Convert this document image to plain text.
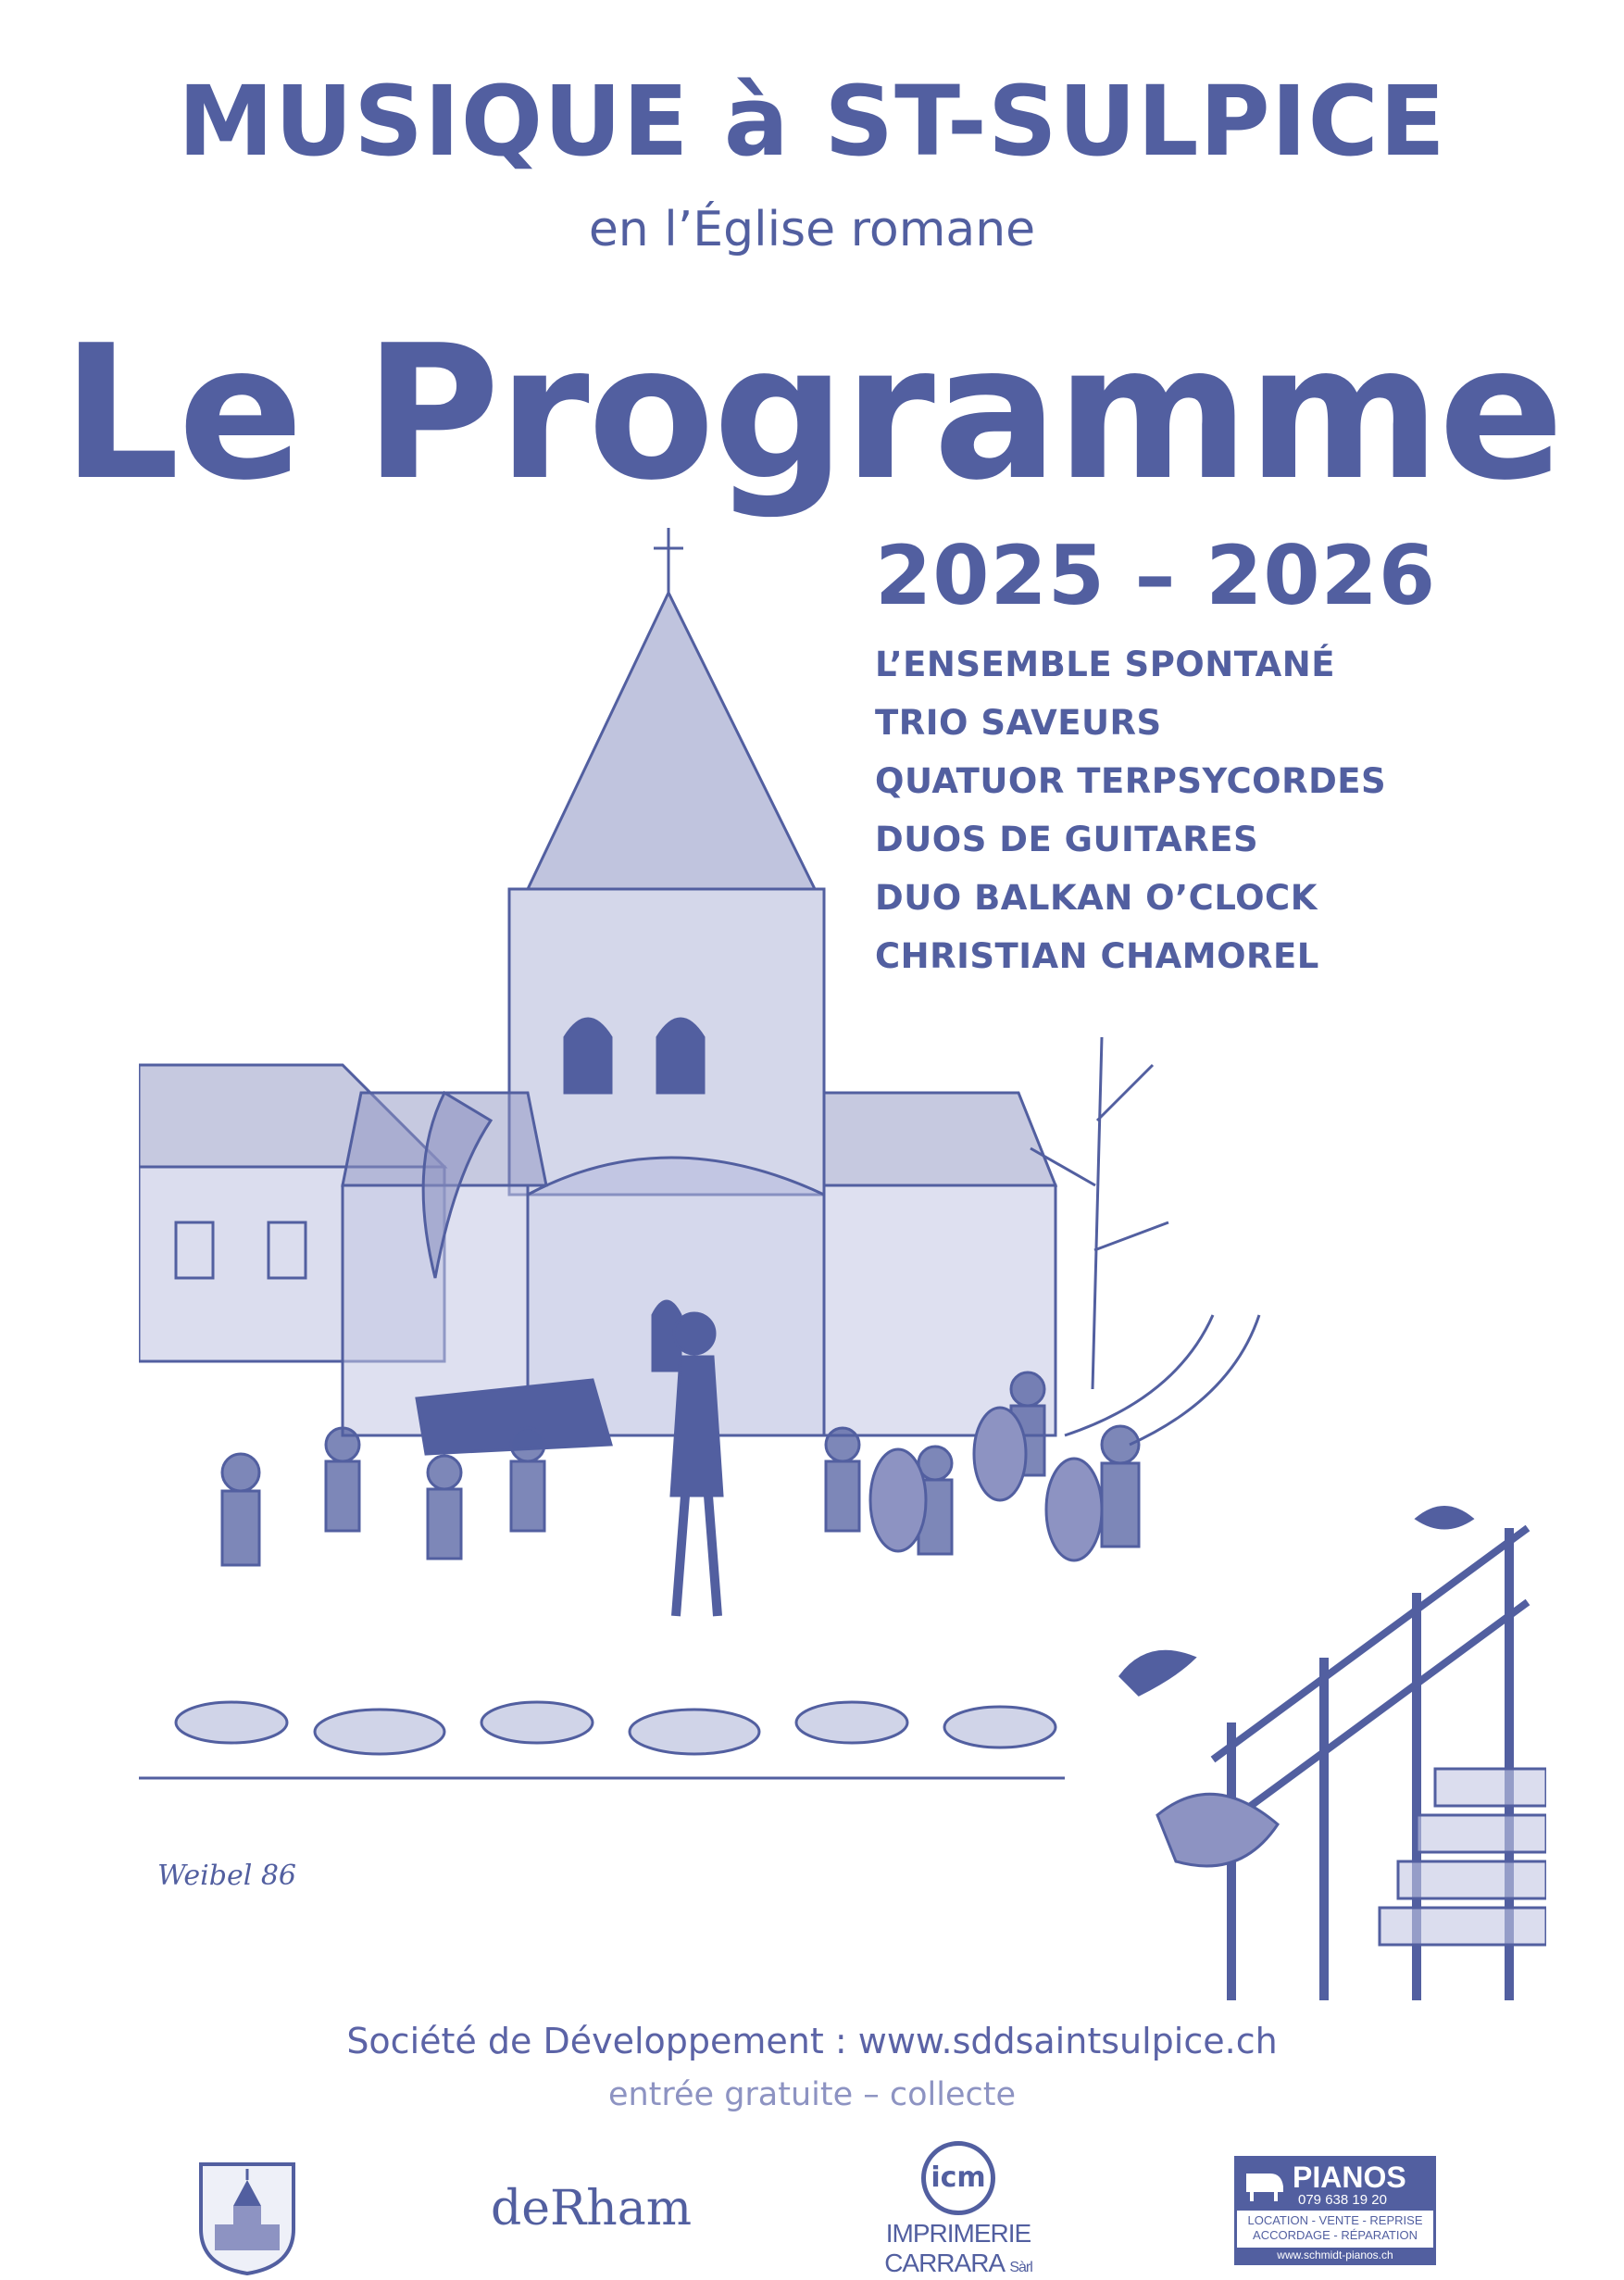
MUSIQUE à ST-SULPICE
en l’Église romane
Le Programme
Weibel 86
2025 – 2026
L’ENSEMBLE SPONTANÉ
TRIO SAVEURS
QUATUOR TERPSYCORDES
DUOS DE GUITARES
DUO BALKAN O’CLOCK
CHRISTIAN CHAMOREL
Société de Développement : www.sddsaintsulpice.ch
entrée gratuite – collecte
deRham
icm
IMPRIMERIE
CARRARA Sàrl
PIANOS
079 638 19 20
LOCATION - VENTE - REPRISE
ACCORDAGE - RÉPARATION
www.schmidt-pianos.ch
